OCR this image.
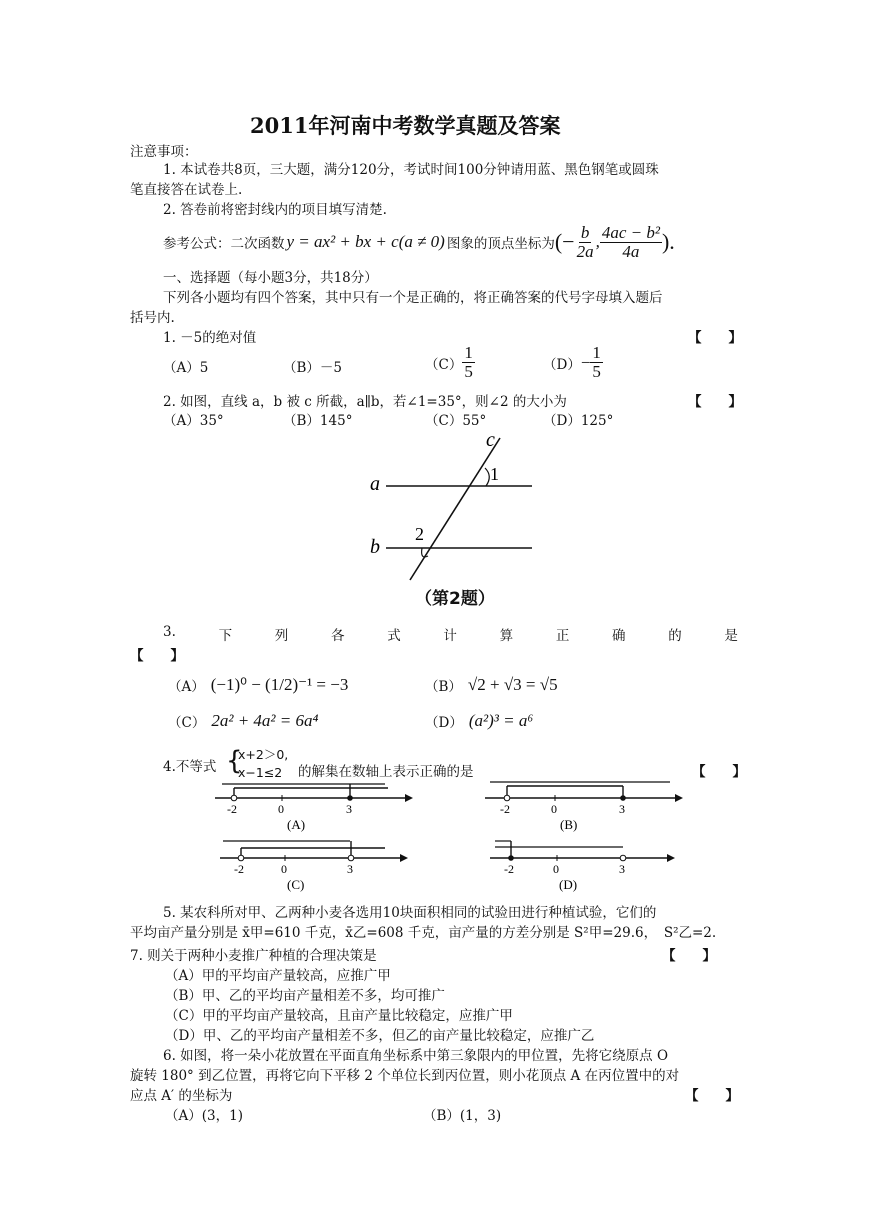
2011年河南中考数学真题及答案
注意事项：
1. 本试卷共8页，三大题，满分120分，考试时间100分钟请用蓝、黑色钢笔或圆珠
笔直接答在试卷上.
2. 答卷前将密封线内的项目填写清楚.
参考公式：二次函数 y = ax² + bx + c(a ≠ 0) 图象的顶点坐标为 (− $\frac{b}{2a}$ , $\frac{\text{4ac − b²}}{4a}$ ).
一、选择题（每小题3分，共18分）
下列各小题均有四个答案，其中只有一个是正确的，将正确答案的代号字母填入题后
括号内.
1. －5的绝对值	【　　】
（A）5	（B）－5	$(C) \frac{1}{5}$	$(D) - \frac{1}{5}$
2. 如图，直线 a，b 被 c 所截，a∥b，若∠1=35°，则∠2 的大小为	【　　】
（A）35°	（B）145°	（C）55°	（D）125°
a
b
c
1
2
（第2题）
3.	下	列	各	式	计	算	正	确	的	是
【　　】
（A） (−1)⁰ − (1/2)⁻¹ = −3	（B） √2 + √3 = √5
（C） 2a² + 4a² = 6a⁴	（D） (a²)³ = a⁶
4.不等式 {
x+2＞0,
x−1≤2 的解集在数轴上表示正确的是	【　　】
-2	0	3
(A)
-2	0	3
(B)
-2	0	3
(C)
-2	0	3
(D)
5. 某农科所对甲、乙两种小麦各选用10块面积相同的试验田进行种植试验，它们的
平均亩产量分别是 x̄甲=610 千克，x̄乙=608 千克，亩产量的方差分别是 S²甲=29.6，　S²乙=2.
7. 则关于两种小麦推广种植的合理决策是	【　　】
（A）甲的平均亩产量较高，应推广甲
（B）甲、乙的平均亩产量相差不多，均可推广
（C）甲的平均亩产量较高，且亩产量比较稳定，应推广甲
（D）甲、乙的平均亩产量相差不多，但乙的亩产量比较稳定，应推广乙
6. 如图，将一朵小花放置在平面直角坐标系中第三象限内的甲位置，先将它绕原点 O
旋转 180° 到乙位置，再将它向下平移 2 个单位长到丙位置，则小花顶点 A 在丙位置中的对
应点 A′ 的坐标为	【　　】
（A）(3，1)	（B）(1，3)
